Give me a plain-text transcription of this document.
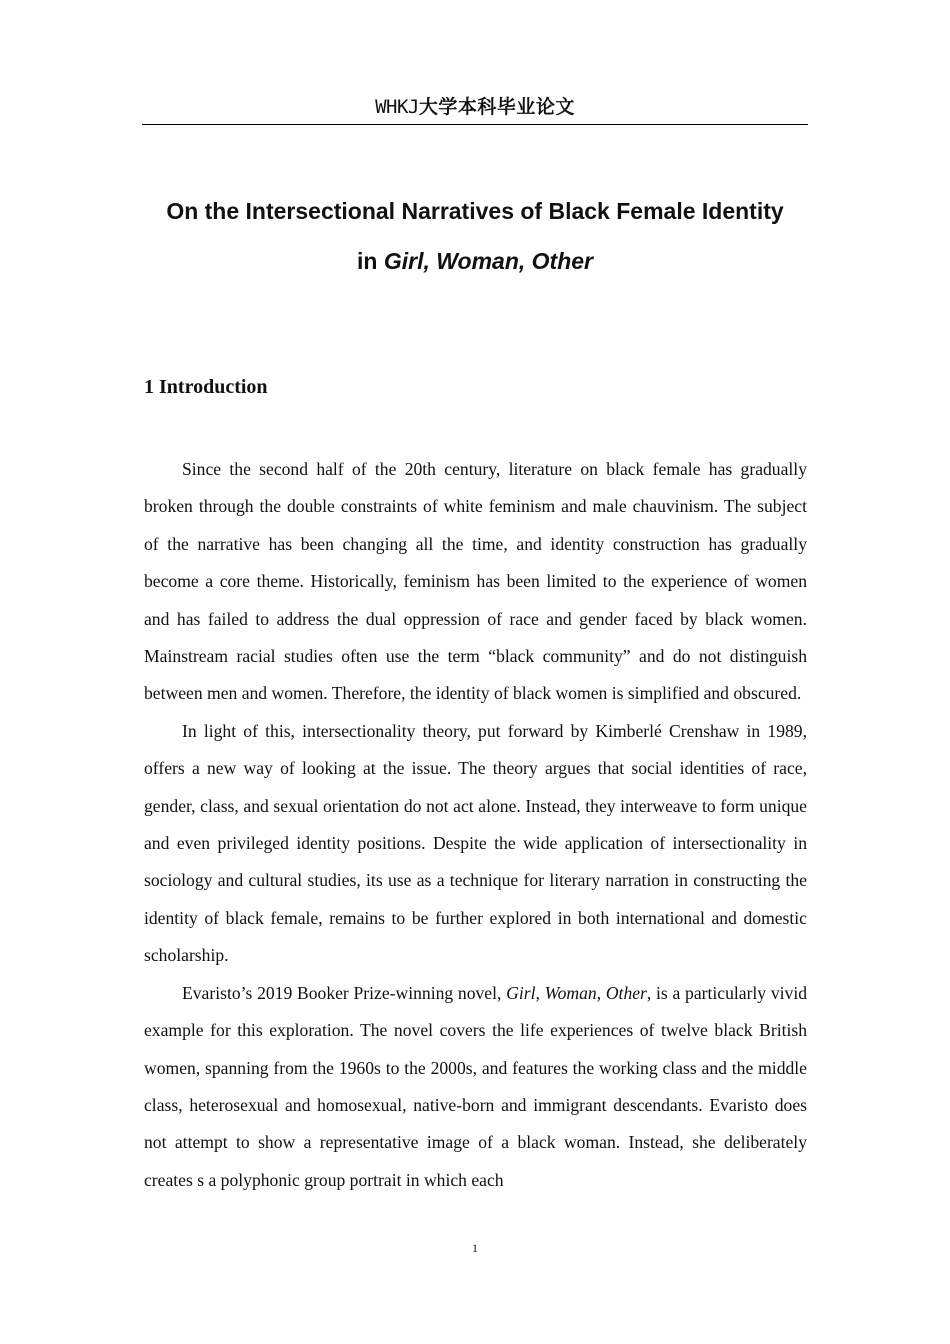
WHKJ大学本科毕业论文
On the Intersectional Narratives of Black Female Identity
in Girl, Woman, Other
1 Introduction

Since the second half of the 20th century, literature on black female has gradually broken through the double constraints of white feminism and male chauvinism. The subject of the narrative has been changing all the time, and identity construction has gradually become a core theme. Historically, feminism has been limited to the experience of women and has failed to address the dual oppression of race and gender faced by black women. Mainstream racial studies often use the term “black community” and do not distinguish between men and women. Therefore, the identity of black women is simplified and obscured.

In light of this, intersectionality theory, put forward by Kimberlé Crenshaw in 1989, offers a new way of looking at the issue. The theory argues that social identities of race, gender, class, and sexual orientation do not act alone. Instead, they interweave to form unique and even privileged identity positions. Despite the wide application of intersectionality in sociology and cultural studies, its use as a technique for literary narration in constructing the identity of black female, remains to be further explored in both international and domestic scholarship.

Evaristo’s 2019 Booker Prize-winning novel, Girl, Woman, Other, is a particularly vivid example for this exploration. The novel covers the life experiences of twelve black British women, spanning from the 1960s to the 2000s, and features the working class and the middle class, heterosexual and homosexual, native-born and immigrant descendants. Evaristo does not attempt to show a representative image of a black woman. Instead, she deliberately creates s a polyphonic group portrait in which each

1
